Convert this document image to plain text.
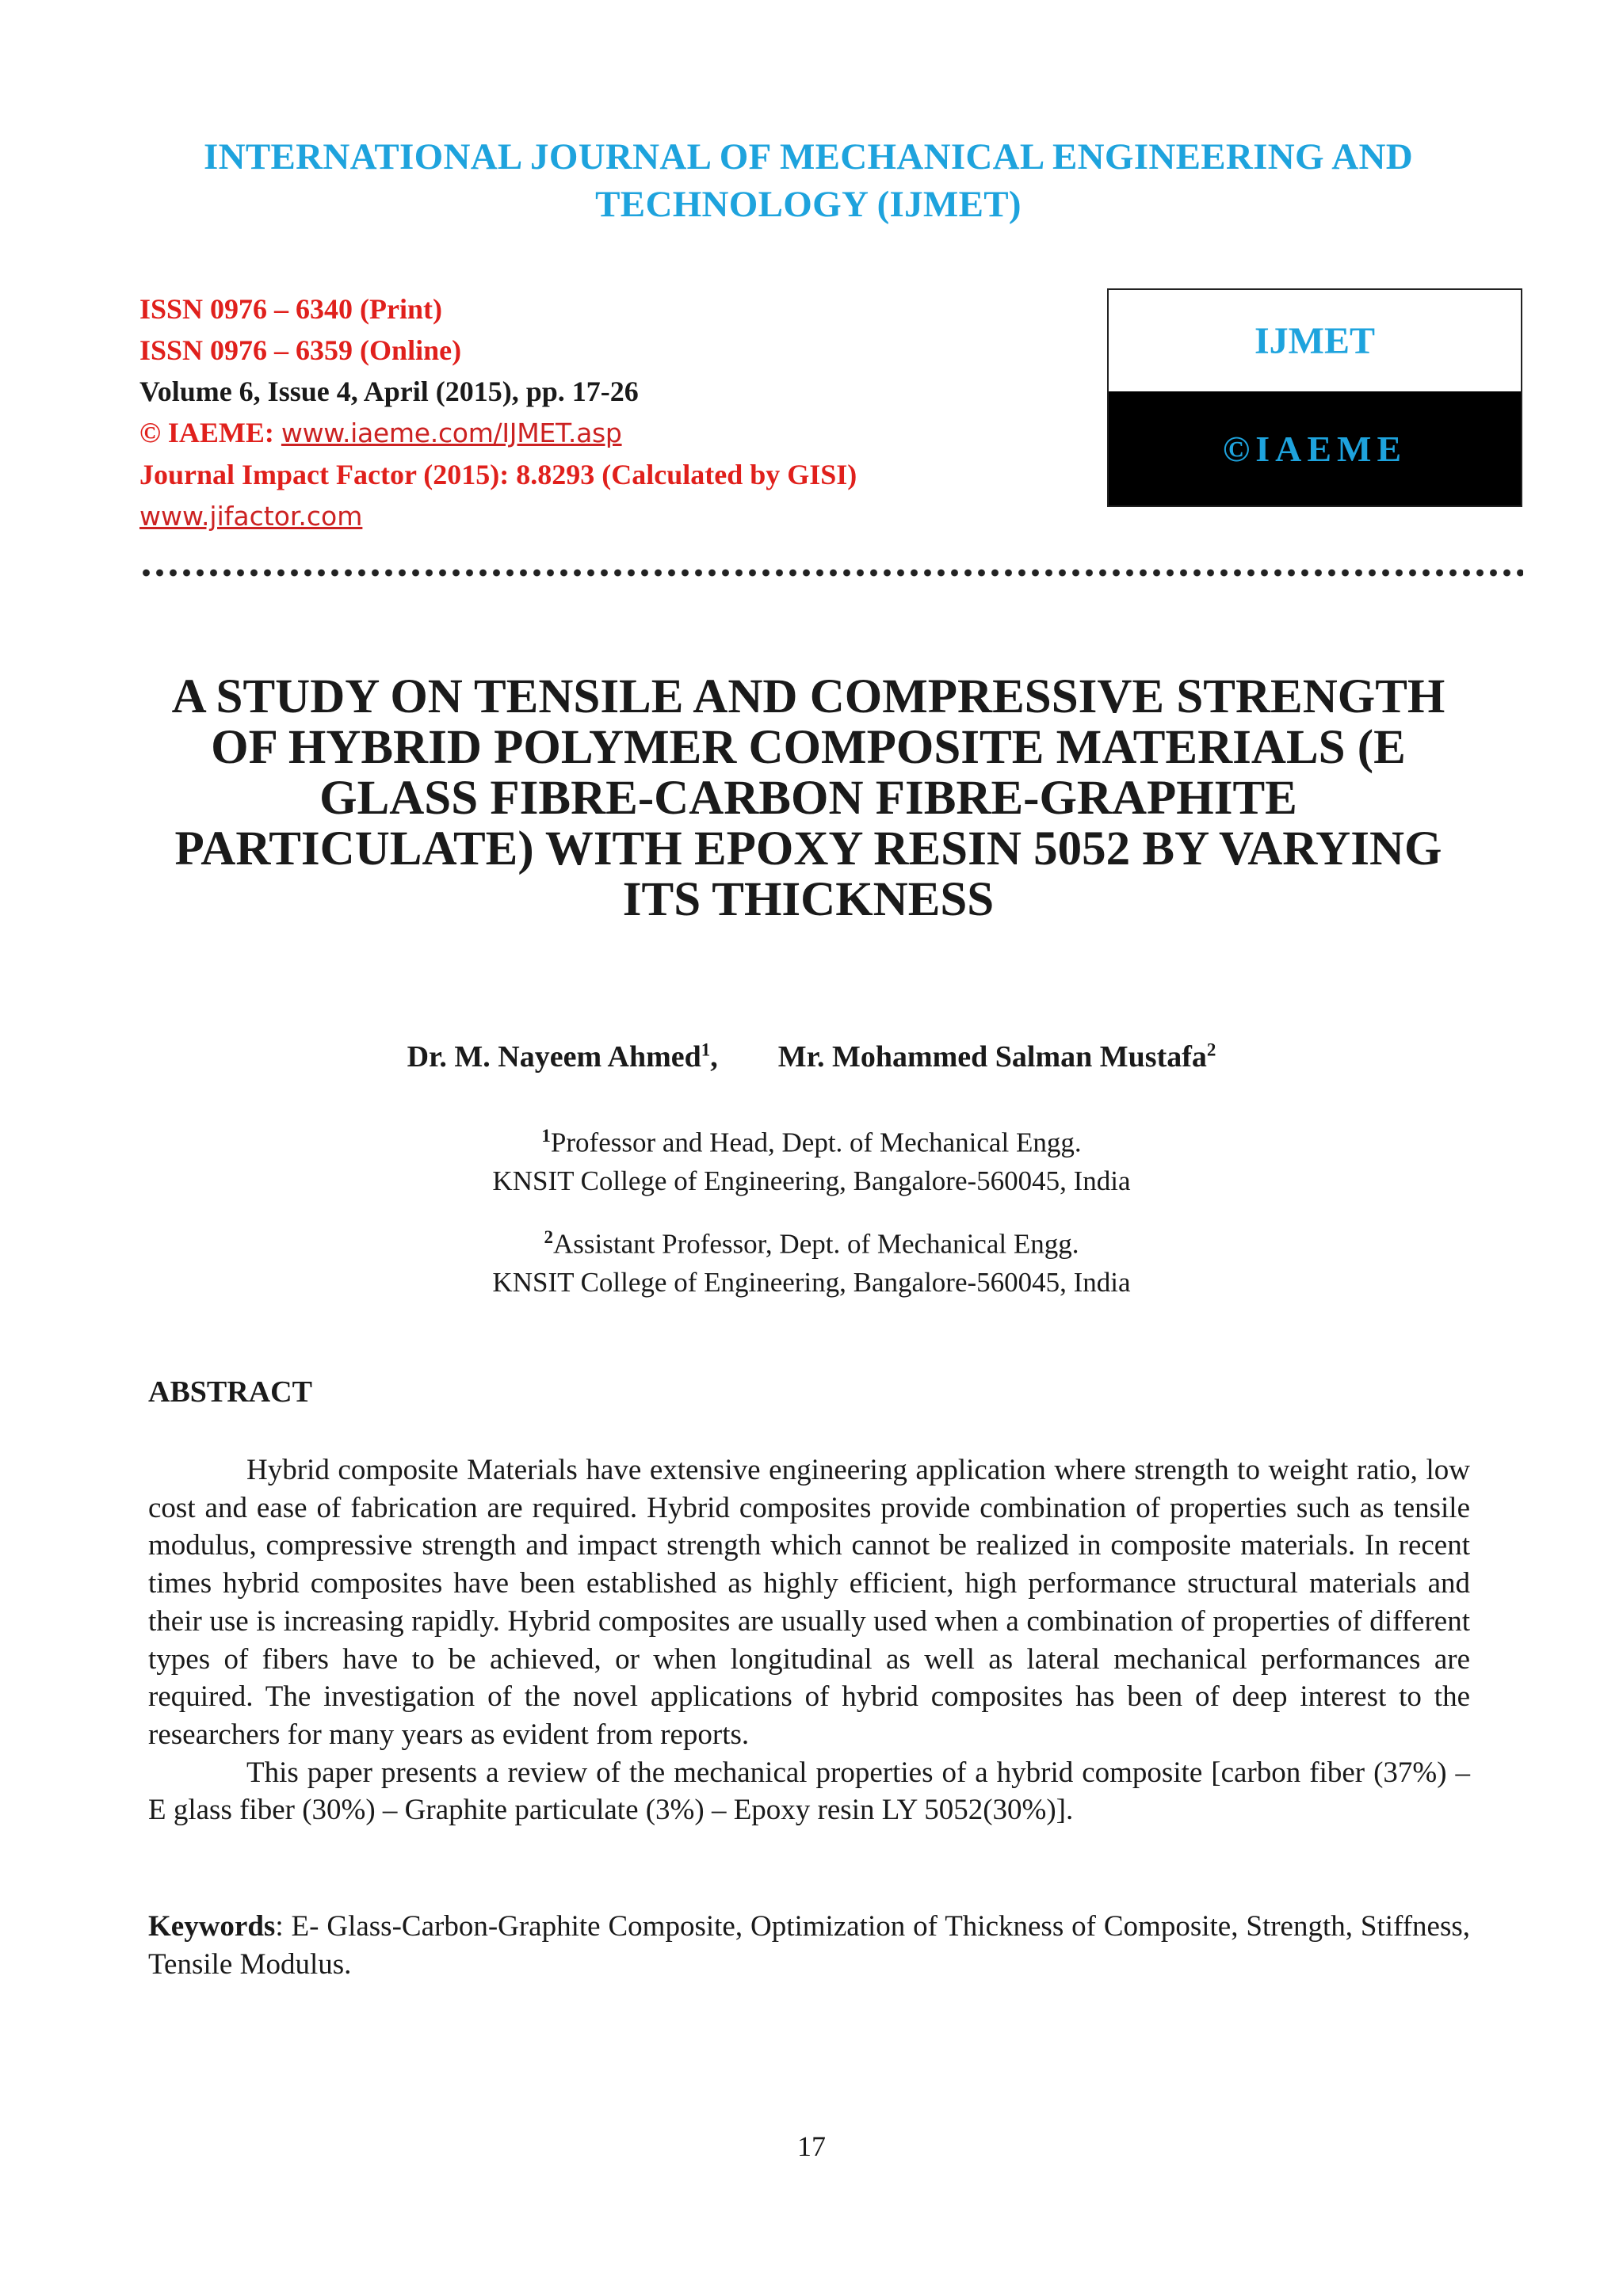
INTERNATIONAL JOURNAL OF MECHANICAL ENGINEERING AND
TECHNOLOGY (IJMET)
ISSN 0976 – 6340 (Print)
ISSN 0976 – 6359 (Online)
Volume 6, Issue 4, April (2015), pp. 17-26
© IAEME: www.iaeme.com/IJMET.asp
Journal Impact Factor (2015): 8.8293 (Calculated by GISI)
www.jifactor.com
IJMET
©IAEME
A STUDY ON TENSILE AND COMPRESSIVE STRENGTH
OF HYBRID POLYMER COMPOSITE MATERIALS (E
GLASS FIBRE-CARBON FIBRE-GRAPHITE
PARTICULATE) WITH EPOXY RESIN 5052 BY VARYING
ITS THICKNESS
Dr. M. Nayeem Ahmed$^1$, Mr. Mohammed Salman Mustafa$^2$
$^1$Professor and Head, Dept. of Mechanical Engg.
KNSIT College of Engineering, Bangalore-560045, India
$^2$Assistant Professor, Dept. of Mechanical Engg.
KNSIT College of Engineering, Bangalore-560045, India
ABSTRACT

Hybrid composite Materials have extensive engineering application where strength to weight ratio, low cost and ease of fabrication are required. Hybrid composites provide combination of properties such as tensile modulus, compressive strength and impact strength which cannot be realized in composite materials. In recent times hybrid composites have been established as highly efficient, high performance structural materials and their use is increasing rapidly. Hybrid composites are usually used when a combination of properties of different types of fibers have to be achieved, or when longitudinal as well as lateral mechanical performances are required. The investigation of the novel applications of hybrid composites has been of deep interest to the researchers for many years as evident from reports.

This paper presents a review of the mechanical properties of a hybrid composite [carbon fiber (37%) – E glass fiber (30%) – Graphite particulate (3%) – Epoxy resin LY 5052(30%)].

Keywords: E- Glass-Carbon-Graphite Composite, Optimization of Thickness of Composite, Strength, Stiffness, Tensile Modulus.
17
